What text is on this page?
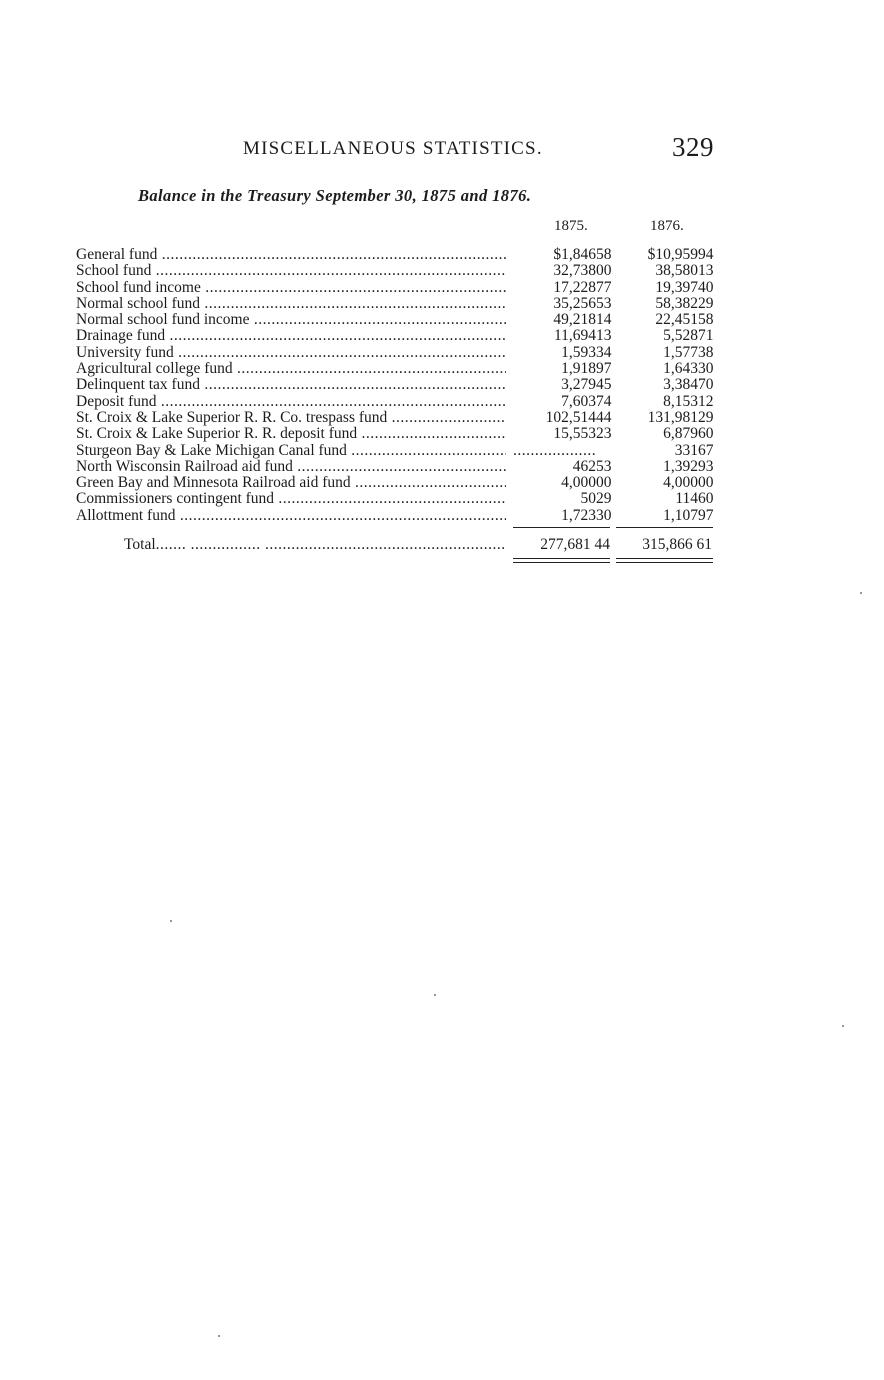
MISCELLANEOUS STATISTICS.	329
Balance in the Treasury September 30, 1875 and 1876.
1875.	1876.
General fund .....	$1,846 58	$10,959 94
School fund .....	32,738 00	38,580 13
School fund income .....	17,228 77	19,397 40
Normal school fund .....	35,256 53	58,382 29
Normal school fund income .....	49,218 14	22,451 58
Drainage fund .....	11,694 13	5,528 71
University fund .....	1,593 34	1,577 38
Agricultural college fund .....	1,918 97	1,643 30
Delinquent tax fund .....	3,279 45	3,384 70
Deposit fund .....	7,603 74	8,153 12
St. Croix & Lake Superior R. R. Co. trespass fund .....	102,514 44	131,981 29
St. Croix & Lake Superior R. R. deposit fund .....	15,553 23	6,879 60
Sturgeon Bay & Lake Michigan Canal fund .....	...................	331 67
North Wisconsin Railroad aid fund .....	462 53	1,392 93
Green Bay and Minnesota Railroad aid fund .....	4,000 00	4,000 00
Commissioners contingent fund .....	50 29	114 60
Allottment fund .....	1,723 30	1,107 97
Total .....	277,681 44	315,866 61
